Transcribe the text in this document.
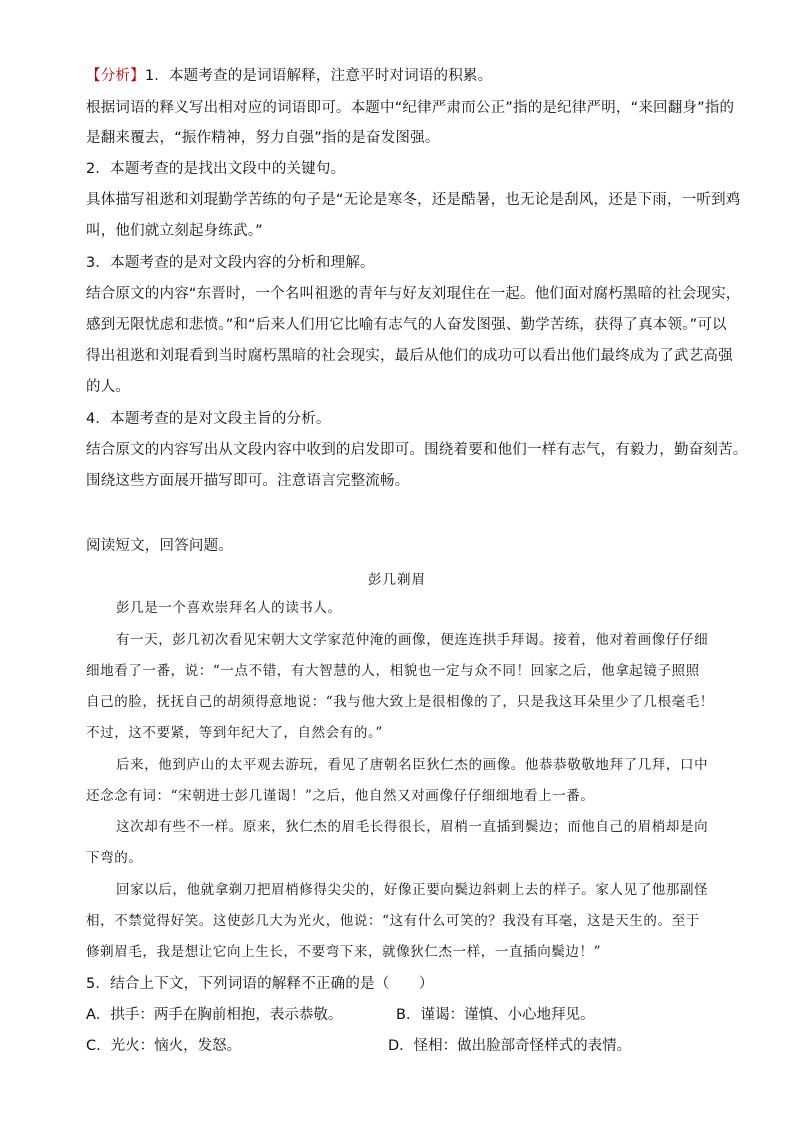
【分析】1．本题考查的是词语解释，注意平时对词语的积累。
根据词语的释义写出相对应的词语即可。本题中“纪律严肃而公正”指的是纪律严明，“来回翻身”指的
是翻来覆去，“振作精神，努力自强”指的是奋发图强。
2．本题考查的是找出文段中的关键句。
具体描写祖逖和刘琨勤学苦练的句子是“无论是寒冬，还是酷暑，也无论是刮风，还是下雨，一听到鸡
叫，他们就立刻起身练武。”
3．本题考查的是对文段内容的分析和理解。
结合原文的内容“东晋时，一个名叫祖逖的青年与好友刘琨住在一起。他们面对腐朽黑暗的社会现实，
感到无限忧虑和悲愤。”和“后来人们用它比喻有志气的人奋发图强、勤学苦练，获得了真本领。”可以
得出祖逖和刘琨看到当时腐朽黑暗的社会现实，最后从他们的成功可以看出他们最终成为了武艺高强
的人。
4．本题考查的是对文段主旨的分析。
结合原文的内容写出从文段内容中收到的启发即可。围绕着要和他们一样有志气，有毅力，勤奋刻苦。
围绕这些方面展开描写即可。注意语言完整流畅。
阅读短文，回答问题。
彭几剃眉
彭几是一个喜欢崇拜名人的读书人。
有一天，彭几初次看见宋朝大文学家范仲淹的画像，便连连拱手拜谒。接着，他对着画像仔仔细
细地看了一番，说：“一点不错，有大智慧的人，相貌也一定与众不同！回家之后，他拿起镜子照照
自己的脸，抚抚自己的胡须得意地说：“我与他大致上是很相像的了，只是我这耳朵里少了几根毫毛！
不过，这不要紧，等到年纪大了，自然会有的。”
后来，他到庐山的太平观去游玩，看见了唐朝名臣狄仁杰的画像。他恭恭敬敬地拜了几拜，口中
还念念有词：“宋朝进士彭几谨谒！”之后，他自然又对画像仔仔细细地看上一番。
这次却有些不一样。原来，狄仁杰的眉毛长得很长，眉梢一直插到鬓边；而他自己的眉梢却是向
下弯的。
回家以后，他就拿剃刀把眉梢修得尖尖的，好像正要向鬓边斜刺上去的样子。家人见了他那副怪
相，不禁觉得好笑。这使彭几大为光火，他说：“这有什么可笑的？我没有耳毫，这是天生的。至于
修剃眉毛，我是想让它向上生长，不要弯下来，就像狄仁杰一样，一直插向鬓边！”
5．结合上下文，下列词语的解释不正确的是（　　）
A．拱手：两手在胸前相抱，表示恭敬。	B．谨谒：谨慎、小心地拜见。
C．光火：恼火，发怒。	D．怪相：做出脸部奇怪样式的表情。
